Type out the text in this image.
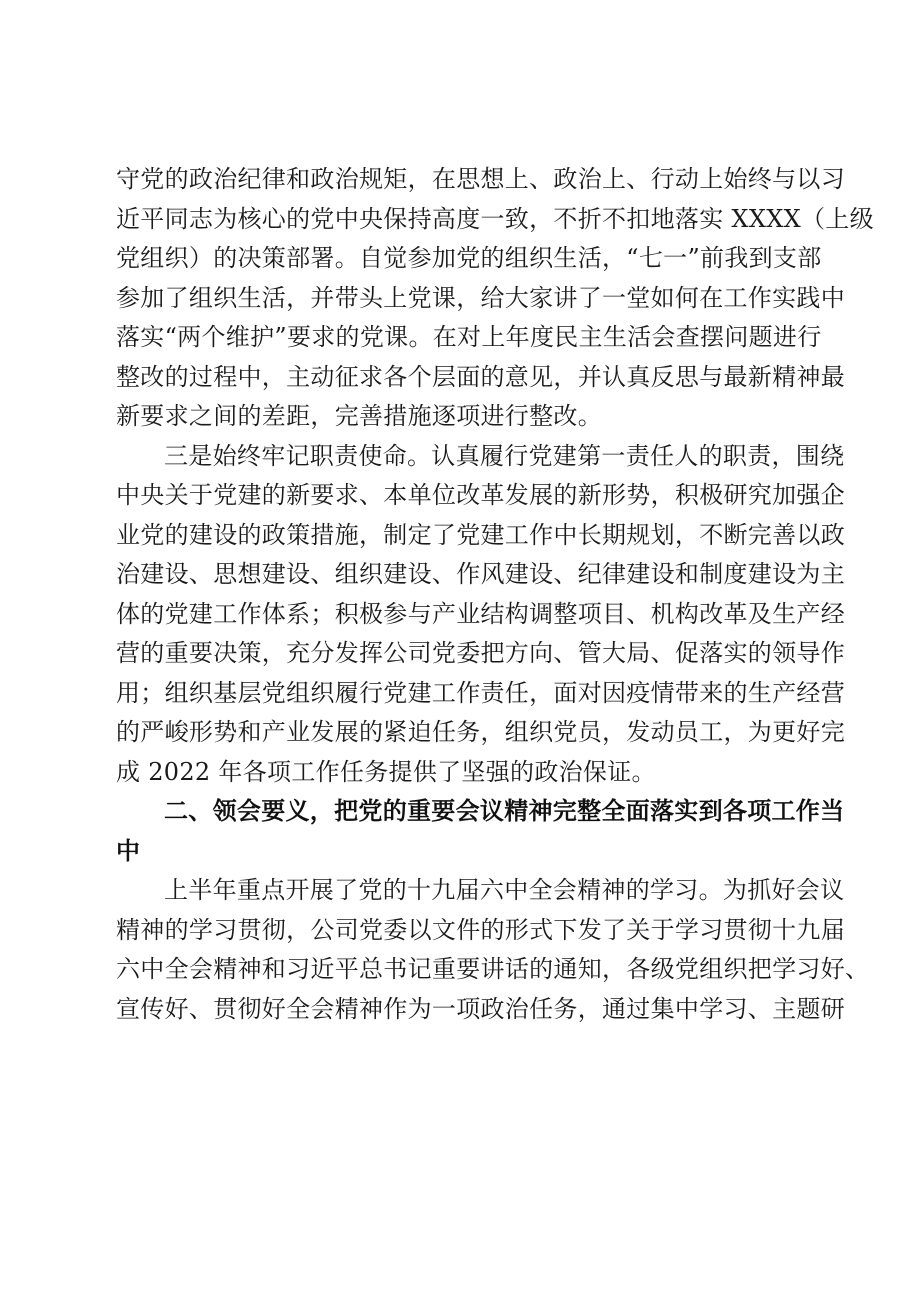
守党的政治纪律和政治规矩，在思想上、政治上、行动上始终与以习
近平同志为核心的党中央保持高度一致，不折不扣地落实 XXXX（上级
党组织）的决策部署。自觉参加党的组织生活，“七一”前我到支部
参加了组织生活，并带头上党课，给大家讲了一堂如何在工作实践中
落实“两个维护”要求的党课。在对上年度民主生活会查摆问题进行
整改的过程中，主动征求各个层面的意见，并认真反思与最新精神最
新要求之间的差距，完善措施逐项进行整改。
三是始终牢记职责使命。认真履行党建第一责任人的职责，围绕
中央关于党建的新要求、本单位改革发展的新形势，积极研究加强企
业党的建设的政策措施，制定了党建工作中长期规划，不断完善以政
治建设、思想建设、组织建设、作风建设、纪律建设和制度建设为主
体的党建工作体系；积极参与产业结构调整项目、机构改革及生产经
营的重要决策，充分发挥公司党委把方向、管大局、促落实的领导作
用；组织基层党组织履行党建工作责任，面对因疫情带来的生产经营
的严峻形势和产业发展的紧迫任务，组织党员，发动员工，为更好完
成 2022 年各项工作任务提供了坚强的政治保证。
二、领会要义，把党的重要会议精神完整全面落实到各项工作当
中
上半年重点开展了党的十九届六中全会精神的学习。为抓好会议
精神的学习贯彻，公司党委以文件的形式下发了关于学习贯彻十九届
六中全会精神和习近平总书记重要讲话的通知，各级党组织把学习好、
宣传好、贯彻好全会精神作为一项政治任务，通过集中学习、主题研
